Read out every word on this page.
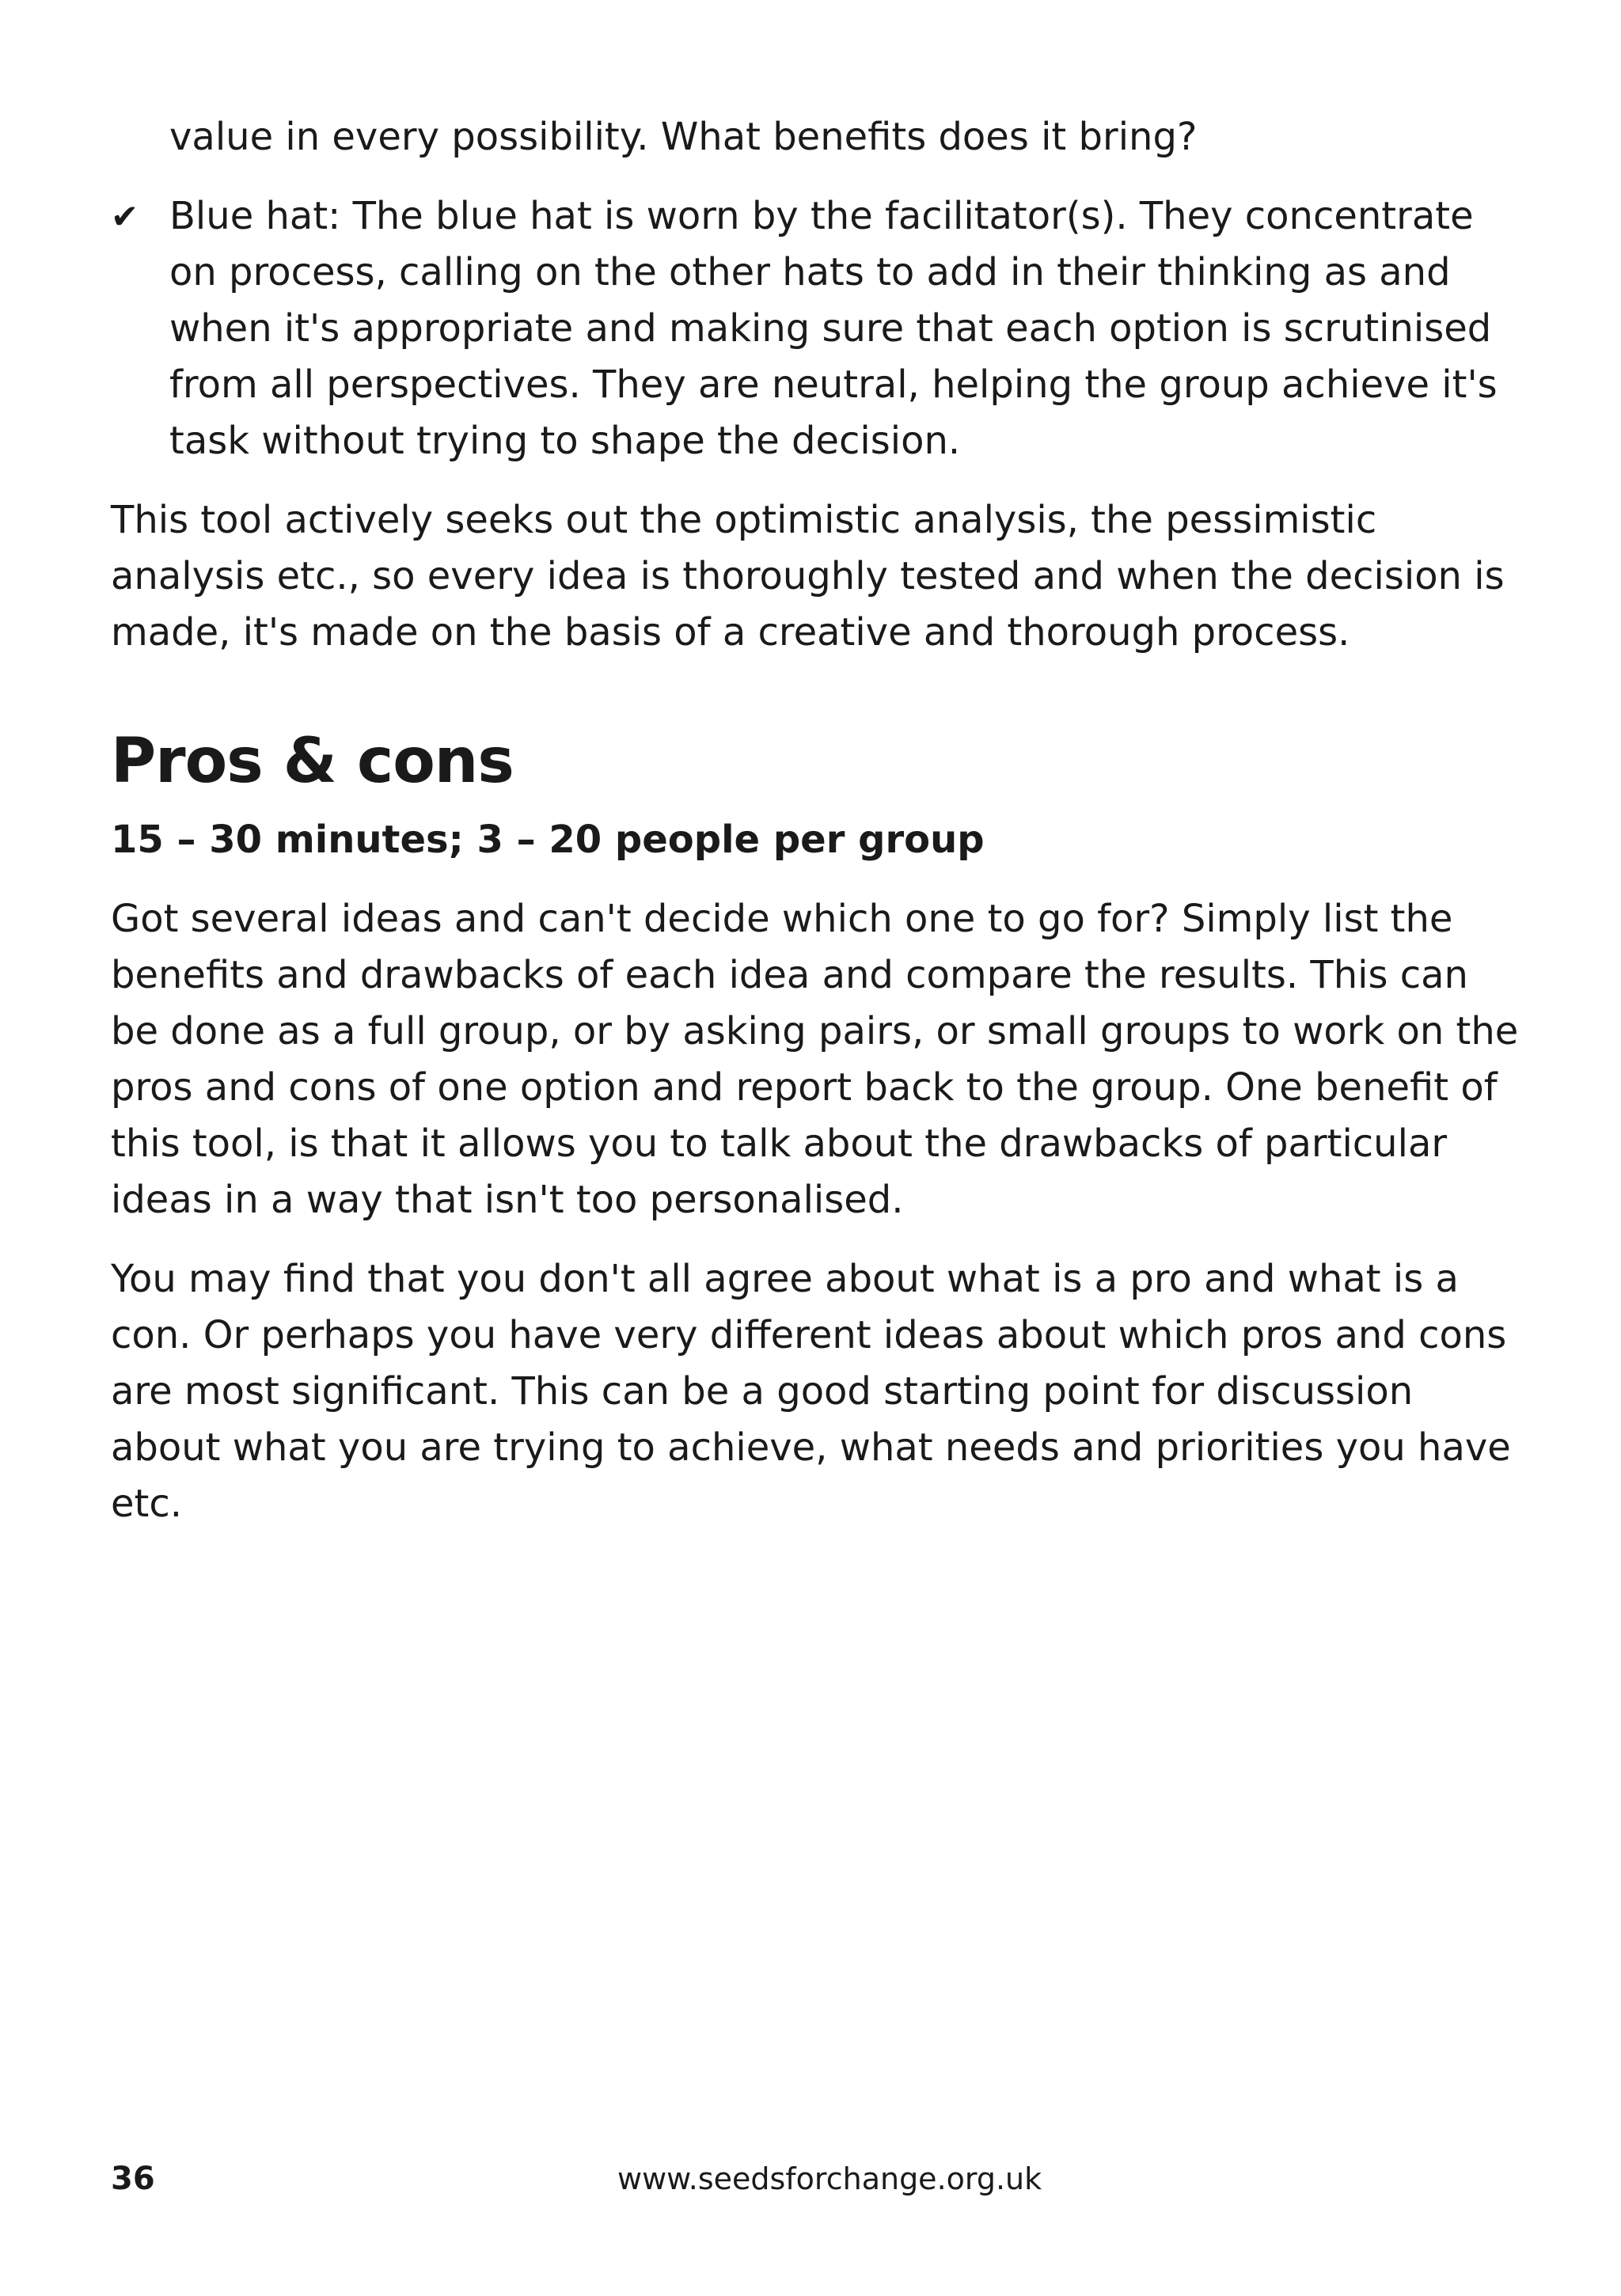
value in every possibility. What benefits does it bring?

✔ Blue hat: The blue hat is worn by the facilitator(s). They concentrate on process, calling on the other hats to add in their thinking as and when it's appropriate and making sure that each option is scrutinised from all perspectives. They are neutral, helping the group achieve it's task without trying to shape the decision.

This tool actively seeks out the optimistic analysis, the pessimistic analysis etc., so every idea is thoroughly tested and when the decision is made, it's made on the basis of a creative and thorough process.

Pros & cons

15 – 30 minutes; 3 – 20 people per group

Got several ideas and can't decide which one to go for? Simply list the benefits and drawbacks of each idea and compare the results. This can be done as a full group, or by asking pairs, or small groups to work on the pros and cons of one option and report back to the group. One benefit of this tool, is that it allows you to talk about the drawbacks of particular ideas in a way that isn't too personalised.

You may find that you don't all agree about what is a pro and what is a con. Or perhaps you have very different ideas about which pros and cons are most significant. This can be a good starting point for discussion about what you are trying to achieve, what needs and priorities you have etc.

36	www.seedsforchange.org.uk
